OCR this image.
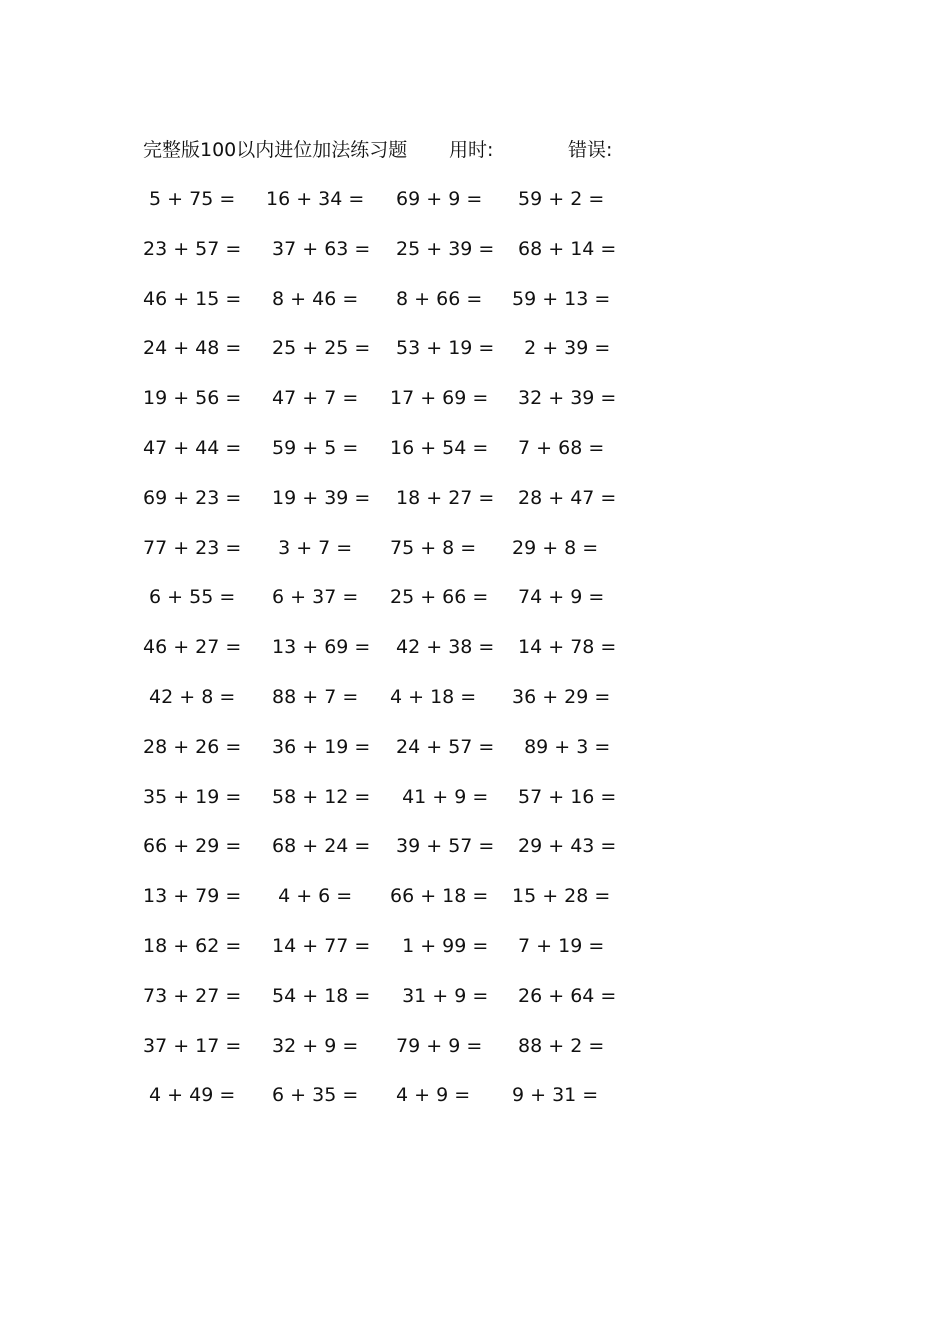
完整版100以内进位加法练习题 用时:	错误:
5 + 75 = 16 + 34 = 69 + 9 = 59 + 2 =
23 + 57 = 37 + 63 = 25 + 39 = 68 + 14 =
46 + 15 = 8 + 46 = 8 + 66 = 59 + 13 =
24 + 48 = 25 + 25 = 53 + 19 = 2 + 39 =
19 + 56 = 47 + 7 = 17 + 69 = 32 + 39 =
47 + 44 = 59 + 5 = 16 + 54 = 7 + 68 =
69 + 23 = 19 + 39 = 18 + 27 = 28 + 47 =
77 + 23 = 3 + 7 = 75 + 8 = 29 + 8 =
6 + 55 = 6 + 37 = 25 + 66 = 74 + 9 =
46 + 27 = 13 + 69 = 42 + 38 = 14 + 78 =
42 + 8 = 88 + 7 = 4 + 18 = 36 + 29 =
28 + 26 = 36 + 19 = 24 + 57 = 89 + 3 =
35 + 19 = 58 + 12 = 41 + 9 = 57 + 16 =
66 + 29 = 68 + 24 = 39 + 57 = 29 + 43 =
13 + 79 = 4 + 6 = 66 + 18 = 15 + 28 =
18 + 62 = 14 + 77 = 1 + 99 = 7 + 19 =
73 + 27 = 54 + 18 = 31 + 9 = 26 + 64 =
37 + 17 = 32 + 9 = 79 + 9 = 88 + 2 =
4 + 49 = 6 + 35 = 4 + 9 = 9 + 31 =
